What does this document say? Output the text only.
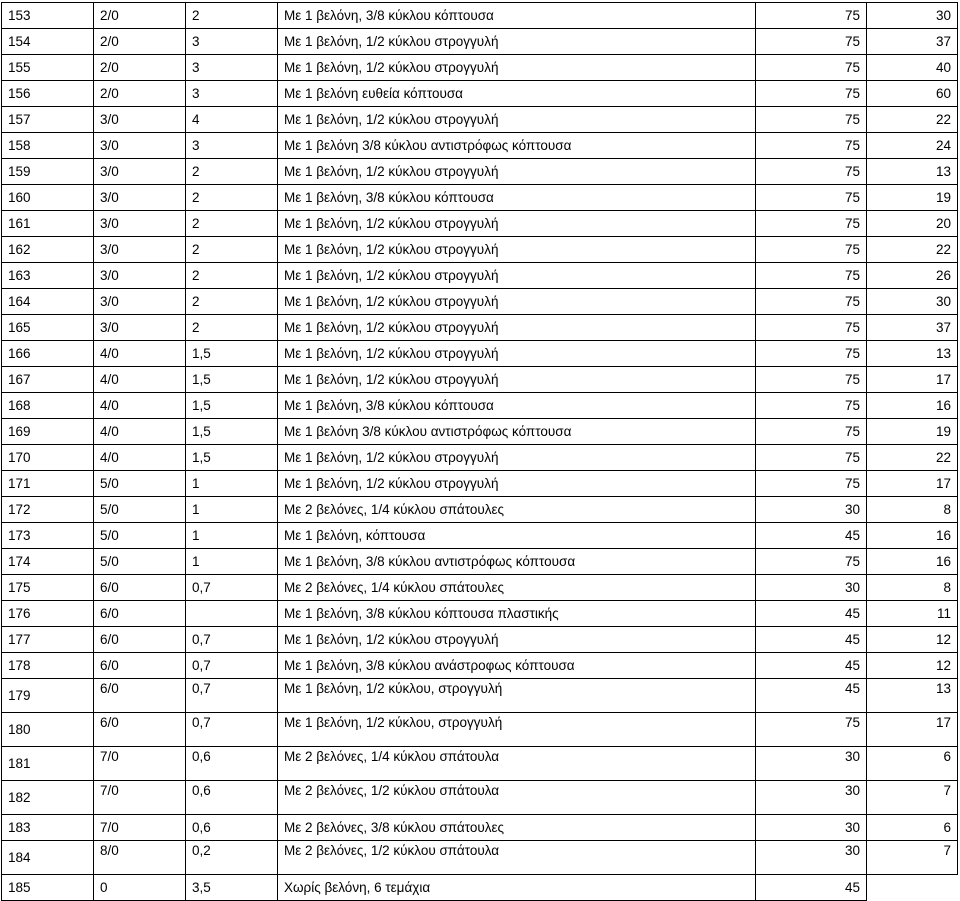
153	2/0	2	Με 1 βελόνη, 3/8 κύκλου κόπτουσα	75	30
154	2/0	3	Με 1 βελόνη, 1/2 κύκλου στρογγυλή	75	37
155	2/0	3	Με 1 βελόνη, 1/2 κύκλου στρογγυλή	75	40
156	2/0	3	Με 1 βελόνη ευθεία κόπτουσα	75	60
157	3/0	4	Με 1 βελόνη, 1/2 κύκλου στρογγυλή	75	22
158	3/0	3	Με 1 βελόνη 3/8 κύκλου αντιστρόφως κόπτουσα	75	24
159	3/0	2	Με 1 βελόνη, 1/2 κύκλου στρογγυλή	75	13
160	3/0	2	Με 1 βελόνη, 3/8 κύκλου κόπτουσα	75	19
161	3/0	2	Με 1 βελόνη, 1/2 κύκλου στρογγυλή	75	20
162	3/0	2	Με 1 βελόνη, 1/2 κύκλου στρογγυλή	75	22
163	3/0	2	Με 1 βελόνη, 1/2 κύκλου στρογγυλή	75	26
164	3/0	2	Με 1 βελόνη, 1/2 κύκλου στρογγυλή	75	30
165	3/0	2	Με 1 βελόνη, 1/2 κύκλου στρογγυλή	75	37
166	4/0	1,5	Με 1 βελόνη, 1/2 κύκλου στρογγυλή	75	13
167	4/0	1,5	Με 1 βελόνη, 1/2 κύκλου στρογγυλή	75	17
168	4/0	1,5	Με 1 βελόνη, 3/8 κύκλου κόπτουσα	75	16
169	4/0	1,5	Με 1 βελόνη 3/8 κύκλου αντιστρόφως κόπτουσα	75	19
170	4/0	1,5	Με 1 βελόνη, 1/2 κύκλου στρογγυλή	75	22
171	5/0	1	Με 1 βελόνη, 1/2 κύκλου στρογγυλή	75	17
172	5/0	1	Με 2 βελόνες, 1/4 κύκλου σπάτουλες	30	8
173	5/0	1	Με 1 βελόνη, κόπτουσα	45	16
174	5/0	1	Με 1 βελόνη, 3/8 κύκλου αντιστρόφως κόπτουσα	75	16
175	6/0	0,7	Με 2 βελόνες, 1/4 κύκλου σπάτουλες	30	8
176	6/0		Με 1 βελόνη, 3/8 κύκλου κόπτουσα πλαστικής	45	11
177	6/0	0,7	Με 1 βελόνη, 1/2 κύκλου στρογγυλή	45	12
178	6/0	0,7	Με 1 βελόνη, 3/8 κύκλου ανάστροφως κόπτουσα	45	12
179	6/0	0,7	Με 1 βελόνη, 1/2 κύκλου, στρογγυλή	45	13
180	6/0	0,7	Με 1 βελόνη, 1/2 κύκλου, στρογγυλή	75	17
181	7/0	0,6	Με 2 βελόνες, 1/4 κύκλου σπάτουλα	30	6
182	7/0	0,6	Με 2 βελόνες, 1/2 κύκλου σπάτουλα	30	7
183	7/0	0,6	Με 2 βελόνες, 3/8 κύκλου σπάτουλες	30	6
184	8/0	0,2	Με 2 βελόνες, 1/2 κύκλου σπάτουλα	30	7
185	0	3,5	Χωρίς βελόνη, 6 τεμάχια	45	
